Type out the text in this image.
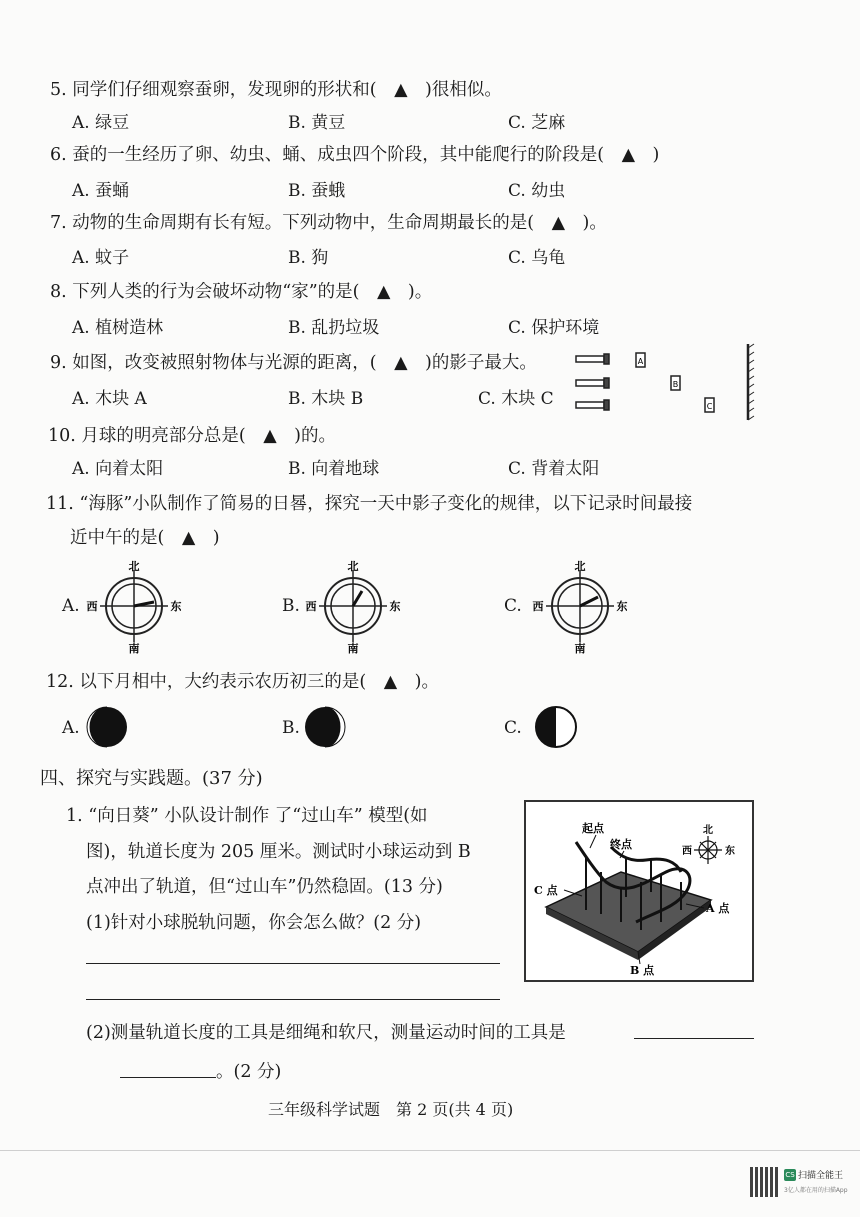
5. 同学们仔细观察蚕卵，发现卵的形状和(　▲　)很相似。
A. 绿豆	B. 黄豆	C. 芝麻
6. 蚕的一生经历了卵、幼虫、蛹、成虫四个阶段，其中能爬行的阶段是(　▲　)
A. 蚕蛹	B. 蚕蛾	C. 幼虫
7. 动物的生命周期有长有短。下列动物中，生命周期最长的是(　▲　)。
A. 蚊子	B. 狗	C. 乌龟
8. 下列人类的行为会破坏动物“家”的是(　▲　)。
A. 植树造林	B. 乱扔垃圾	C. 保护环境
9. 如图，改变被照射物体与光源的距离，(　▲　)的影子最大。
A. 木块 A	B. 木块 B	C. 木块 C
A
B
C
10. 月球的明亮部分总是(　▲　)的。
A. 向着太阳	B. 向着地球	C. 背着太阳
11. “海豚”小队制作了简易的日晷，探究一天中影子变化的规律，以下记录时间最接
近中午的是(　▲　)
A.	B.	C.
北
南
西	东
北
南
西	东
北
南
西	东
12. 以下月相中，大约表示农历初三的是(　▲　)。
A.	B.	C.
四、探究与实践题。(37 分)
1. “向日葵” 小队设计制作 了“过山车” 模型(如
图)，轨道长度为 205 厘米。测试时小球运动到 B
点冲出了轨道，但“过山车”仍然稳固。(13 分)
(1)针对小球脱轨问题，你会怎么做？(2 分)
(2)测量轨道长度的工具是细绳和软尺，测量运动时间的工具是
。(2 分)
北
西	东
起点
终点
C 点
A 点
B 点
三年级科学试题　第 2 页(共 4 页)
CS 扫描全能王
3亿人都在用的扫描App
